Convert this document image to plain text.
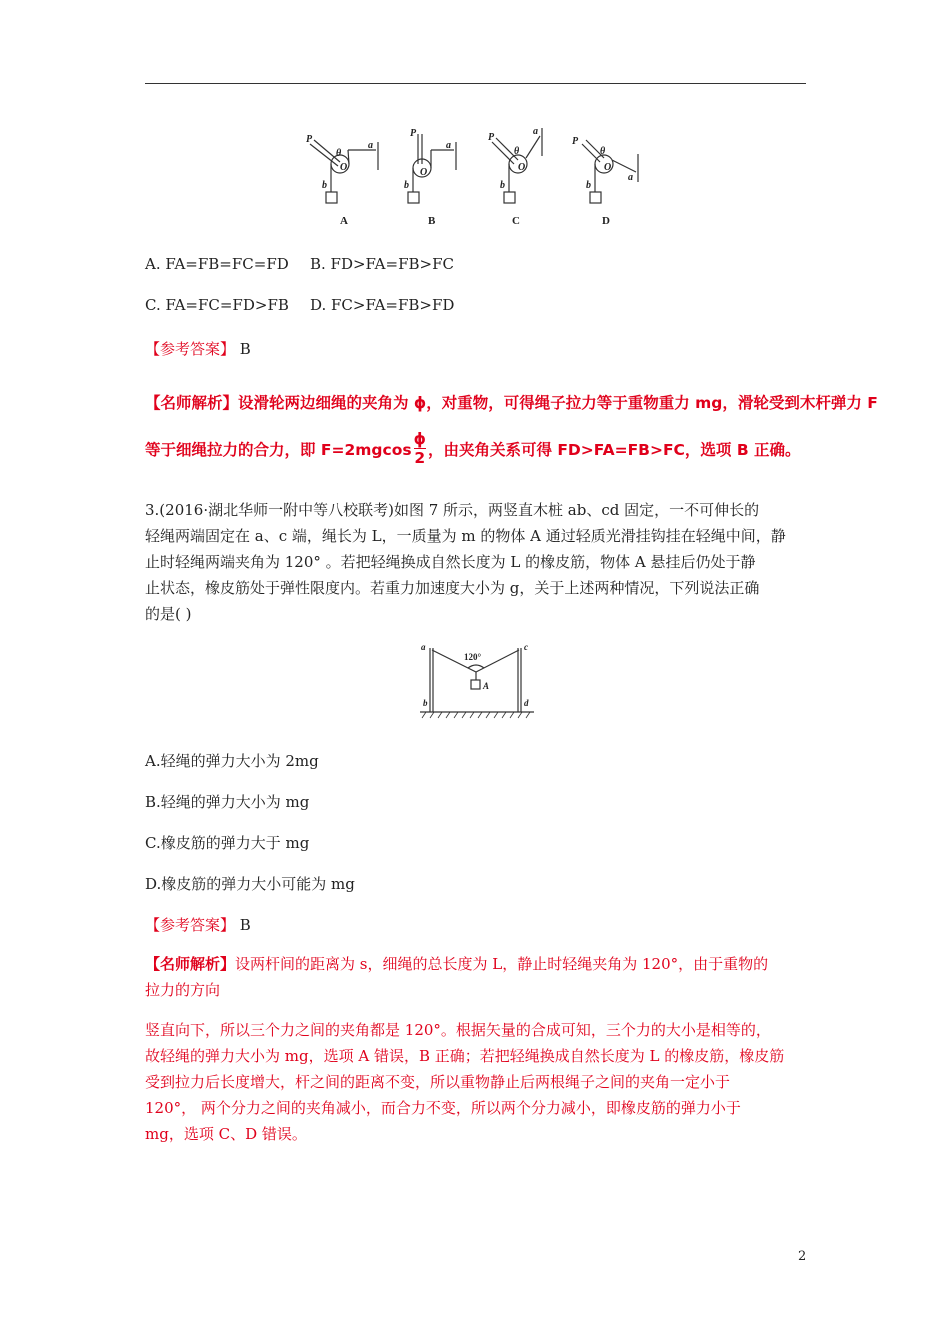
P
θ
a
b
O
P
a
b
O
P
θ
a
b
O
P
θ
a
b
O
A	B	C	D
A. FA=FB=FC=FD B. FD>FA=FB>FC
C. FA=FC=FD>FB D. FC>FA=FB>FD
【参考答案】 B
【名师解析】设滑轮两边细绳的夹角为 ϕ，对重物，可得绳子拉力等于重物重力 mg，滑轮受到木杆弹力 F
等于细绳拉力的合力，即 $F=2mgcos \frac{\phi}{2}$ ，由夹角关系可得 FD>FA=FB>FC，选项 B 正确。
3.(2016·湖北华师一附中等八校联考)如图 7 所示，两竖直木桩 ab、cd 固定，一不可伸长的
轻绳两端固定在 a、c 端，绳长为 L，一质量为 m 的物体 A 通过轻质光滑挂钩挂在轻绳中间，静
止时轻绳两端夹角为 120° 。若把轻绳换成自然长度为 L 的橡皮筋，物体 A 悬挂后仍处于静
止状态，橡皮筋处于弹性限度内。若重力加速度大小为 g，关于上述两种情况，下列说法正确
的是( )
120°
a
b
c
d
A
A.轻绳的弹力大小为 2mg
B.轻绳的弹力大小为 mg
C.橡皮筋的弹力大于 mg
D.橡皮筋的弹力大小可能为 mg
【参考答案】 B
【名师解析】设两杆间的距离为 s，细绳的总长度为 L，静止时轻绳夹角为 120°，由于重物的
拉力的方向
竖直向下，所以三个力之间的夹角都是 120°。根据矢量的合成可知，三个力的大小是相等的，
故轻绳的弹力大小为 mg，选项 A 错误，B 正确；若把轻绳换成自然长度为 L 的橡皮筋，橡皮筋
受到拉力后长度增大，杆之间的距离不变，所以重物静止后两根绳子之间的夹角一定小于
120°， 两个分力之间的夹角减小，而合力不变，所以两个分力减小，即橡皮筋的弹力小于
mg，选项 C、D 错误。
2
